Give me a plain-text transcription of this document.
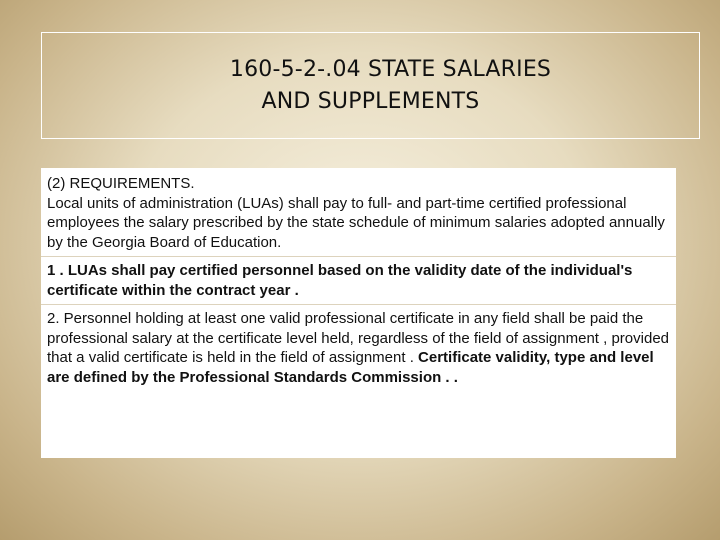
160-5-2-.04 STATE SALARIES
AND SUPPLEMENTS
(2) REQUIREMENTS.
Local units of administration (LUAs) shall pay to full- and part-time certified professional employees the salary prescribed by the state schedule of minimum salaries adopted annually by the Georgia Board of Education.
1 . LUAs shall pay certified personnel based on the validity date of the individual's certificate within the contract year .
2. Personnel holding at least one valid professional certificate in any field shall be paid the professional salary at the certificate level held, regardless of the field of assignment , provided that a valid certificate is held in the field of assignment . Certificate validity, type and level are defined by the Professional Standards Commission . .
